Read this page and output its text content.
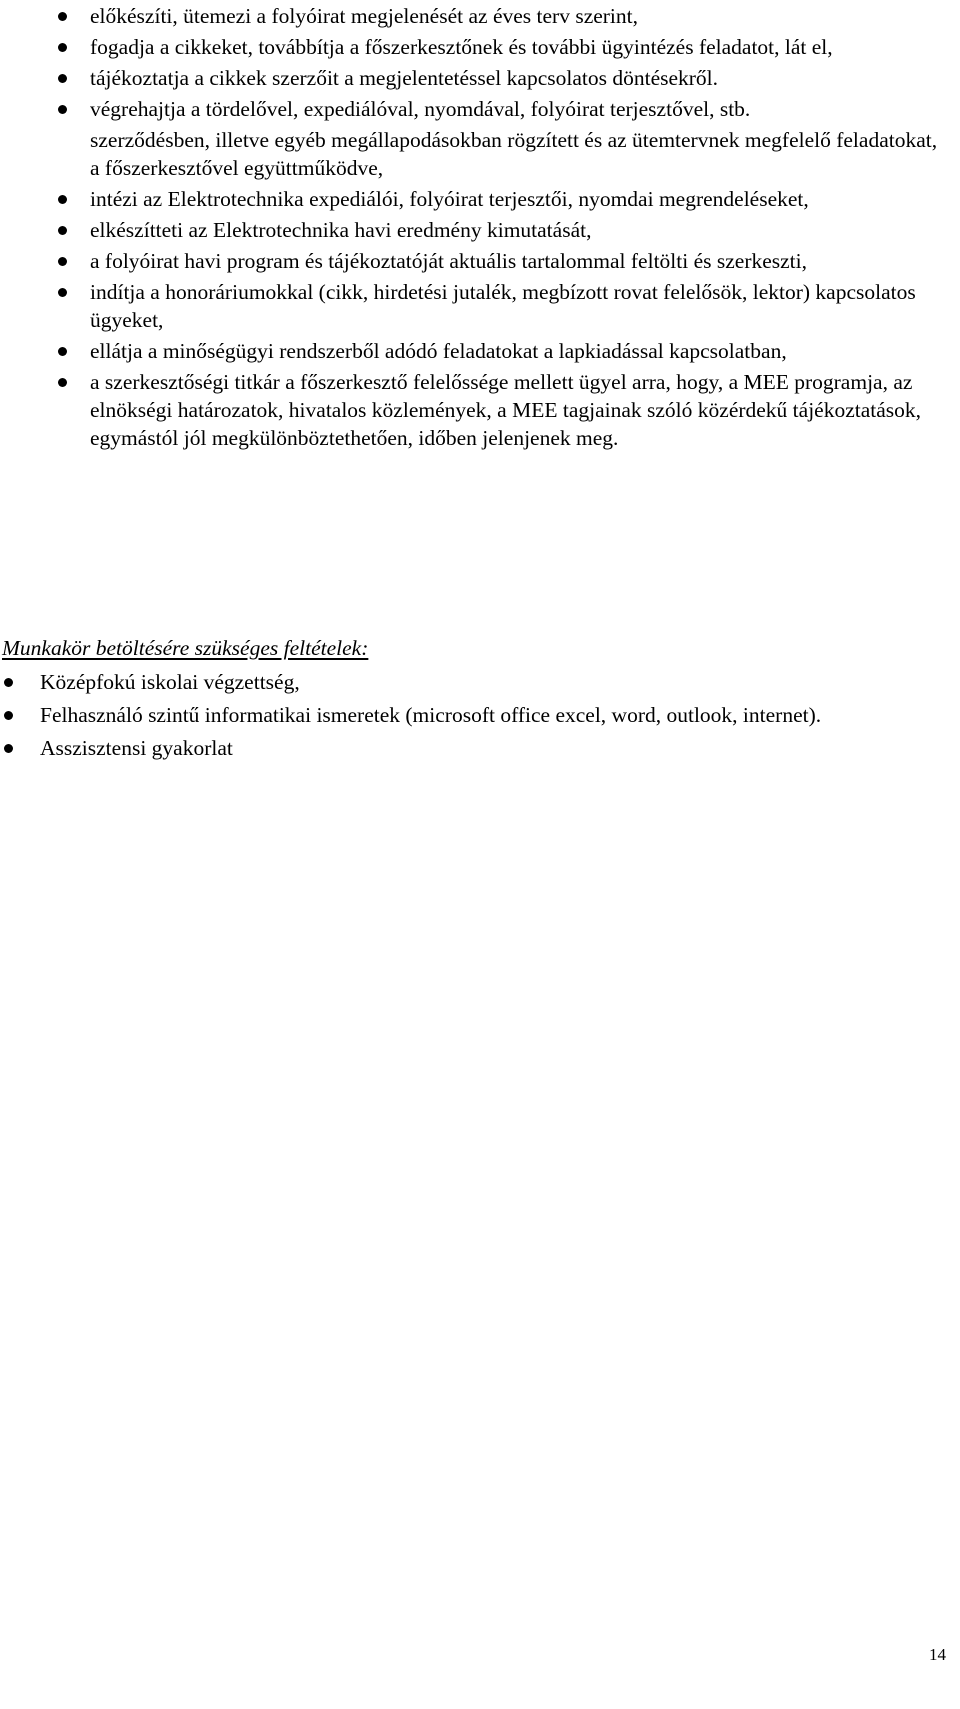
előkészíti, ütemezi a folyóirat megjelenését az éves terv szerint,
fogadja a cikkeket, továbbítja a főszerkesztőnek és további ügyintézés feladatot, lát el,
tájékoztatja a cikkek szerzőit a megjelentetéssel kapcsolatos döntésekről.
végrehajtja a tördelővel, expediálóval, nyomdával, folyóirat terjesztővel, stb.
szerződésben, illetve egyéb megállapodásokban rögzített és az ütemtervnek megfelelő feladatokat, a főszerkesztővel együttműködve,
intézi az Elektrotechnika expediálói, folyóirat terjesztői, nyomdai megrendeléseket,
elkészítteti az Elektrotechnika havi eredmény kimutatását,
a folyóirat havi program és tájékoztatóját aktuális tartalommal feltölti és szerkeszti,
indítja a honoráriumokkal (cikk, hirdetési jutalék, megbízott rovat felelősök, lektor) kapcsolatos ügyeket,
ellátja a minőségügyi rendszerből adódó feladatokat a lapkiadással kapcsolatban,
a szerkesztőségi titkár a főszerkesztő felelőssége mellett ügyel arra, hogy, a MEE programja, az elnökségi határozatok, hivatalos közlemények, a MEE tagjainak szóló közérdekű tájékoztatások, egymástól jól megkülönböztethetően, időben jelenjenek meg.
Munkakör betöltésére szükséges feltételek:
Középfokú iskolai végzettség,
Felhasználó szintű informatikai ismeretek (microsoft office excel, word, outlook, internet).
Asszisztensi gyakorlat
14
